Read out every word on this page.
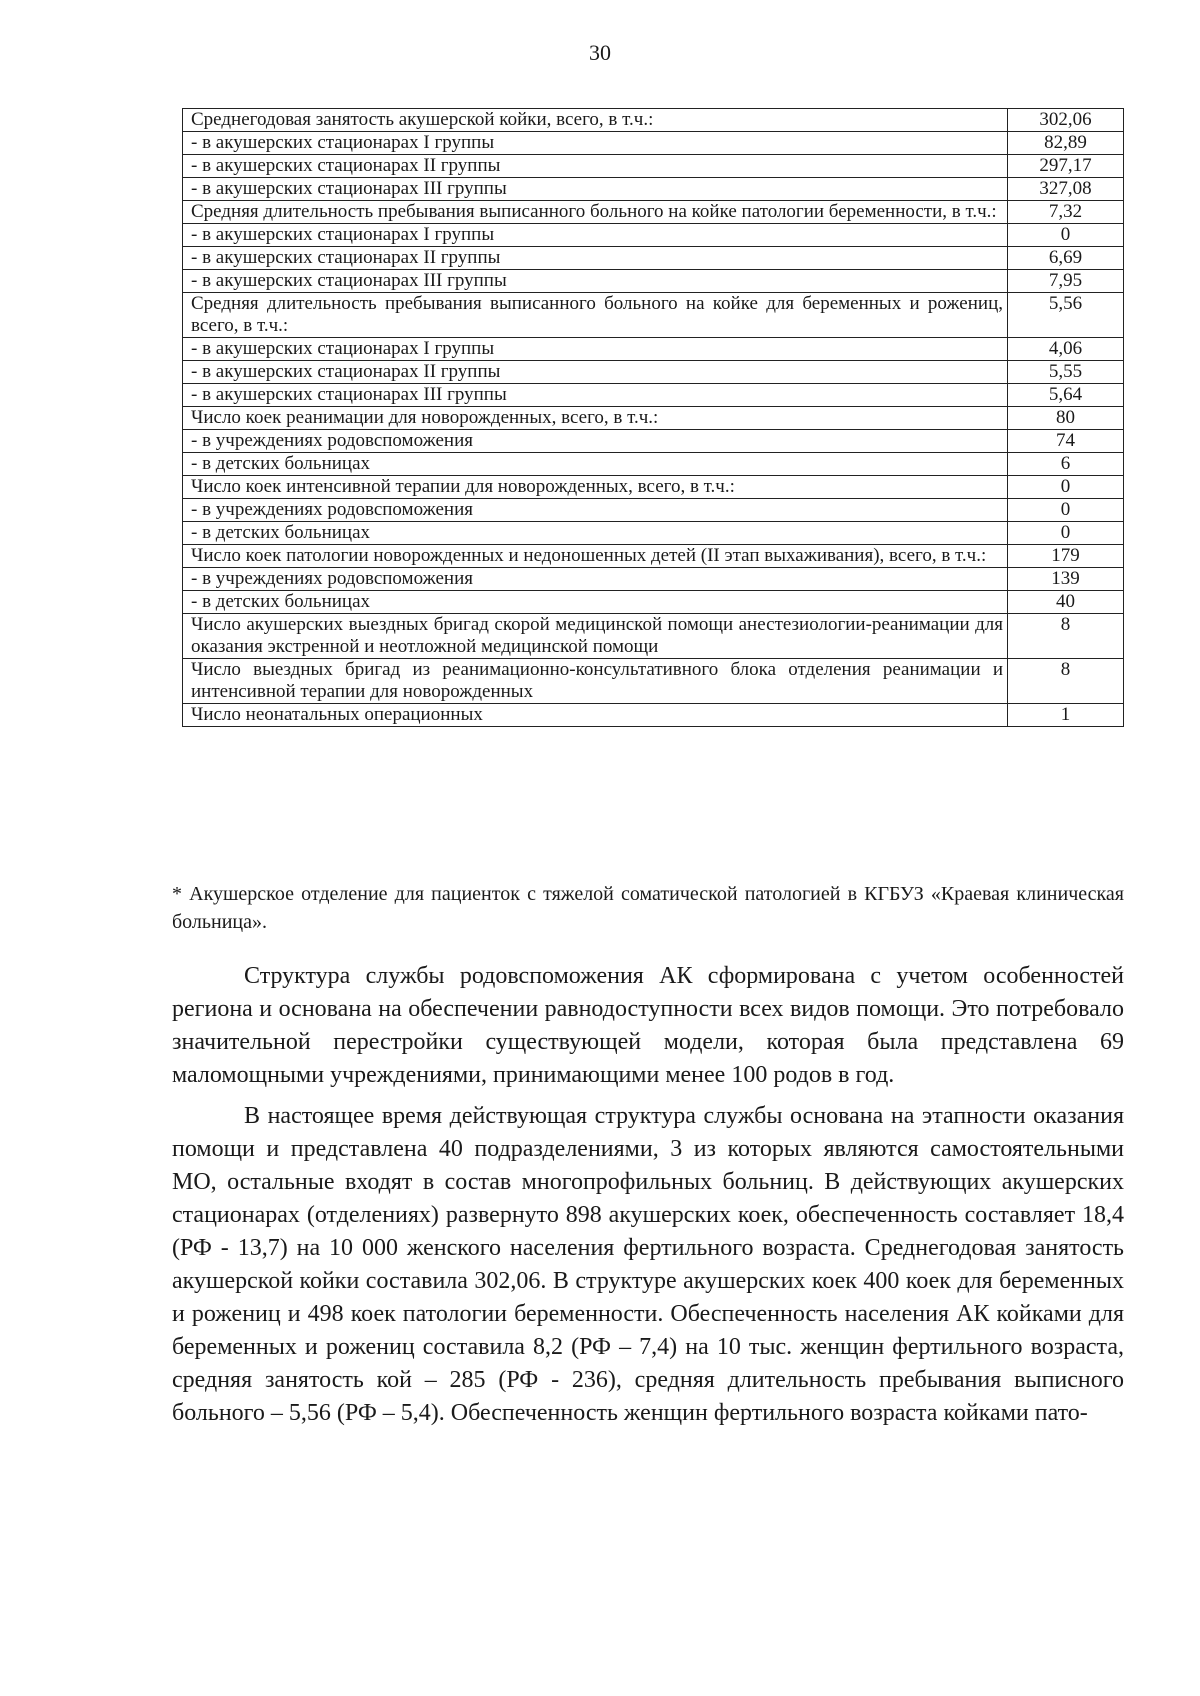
30
Среднегодовая занятость акушерской койки, всего, в т.ч.:	302,06
- в акушерских стационарах I группы	82,89
- в акушерских стационарах II группы	297,17
- в акушерских стационарах III группы	327,08
Средняя длительность пребывания выписанного больного на койке патологии беременности, в т.ч.:	7,32
- в акушерских стационарах I группы	0
- в акушерских стационарах II группы	6,69
- в акушерских стационарах III группы	7,95
Средняя длительность пребывания выписанного больного на койке для беременных и рожениц, всего, в т.ч.:	5,56
- в акушерских стационарах I группы	4,06
- в акушерских стационарах II группы	5,55
- в акушерских стационарах III группы	5,64
Число коек реанимации для новорожденных, всего, в т.ч.:	80
- в учреждениях родовспоможения	74
- в детских больницах	6
Число коек интенсивной терапии для новорожденных, всего, в т.ч.:	0
- в учреждениях родовспоможения	0
- в детских больницах	0
Число коек патологии новорожденных и недоношенных детей (II этап выхаживания), всего, в т.ч.:	179
- в учреждениях родовспоможения	139
- в детских больницах	40
Число акушерских выездных бригад скорой медицинской помощи анестезиологии-реанимации для оказания экстренной и неотложной медицинской помощи	8
Число выездных бригад из реанимационно-консультативного блока отделения реанимации и интенсивной терапии для новорожденных	8
Число неонатальных операционных	1
* Акушерское отделение для пациенток с тяжелой соматической патологией в КГБУЗ «Краевая клиническая больница».

Структура службы родовспоможения АК сформирована с учетом особенностей региона и основана на обеспечении равнодоступности всех видов помощи. Это потребовало значительной перестройки существующей модели, которая была представлена 69 маломощными учреждениями, принимающими менее 100 родов в год.

В настоящее время действующая структура службы основана на этапности оказания помощи и представлена 40 подразделениями, 3 из которых являются самостоятельными МО, остальные входят в состав многопрофильных больниц. В действующих акушерских стационарах (отделениях) развернуто 898 акушерских коек, обеспеченность составляет 18,4 (РФ - 13,7) на 10 000 женского населения фертильного возраста. Среднегодовая занятость акушерской койки составила 302,06. В структуре акушерских коек 400 коек для беременных и рожениц и 498 коек патологии беременности. Обеспеченность населения АК койками для беременных и рожениц составила 8,2 (РФ – 7,4) на 10 тыс. женщин фертильного возраста, средняя занятость кой – 285 (РФ - 236), средняя длительность пребывания выписного больного – 5,56 (РФ – 5,4). Обеспеченность женщин фертильного возраста койками пато-
